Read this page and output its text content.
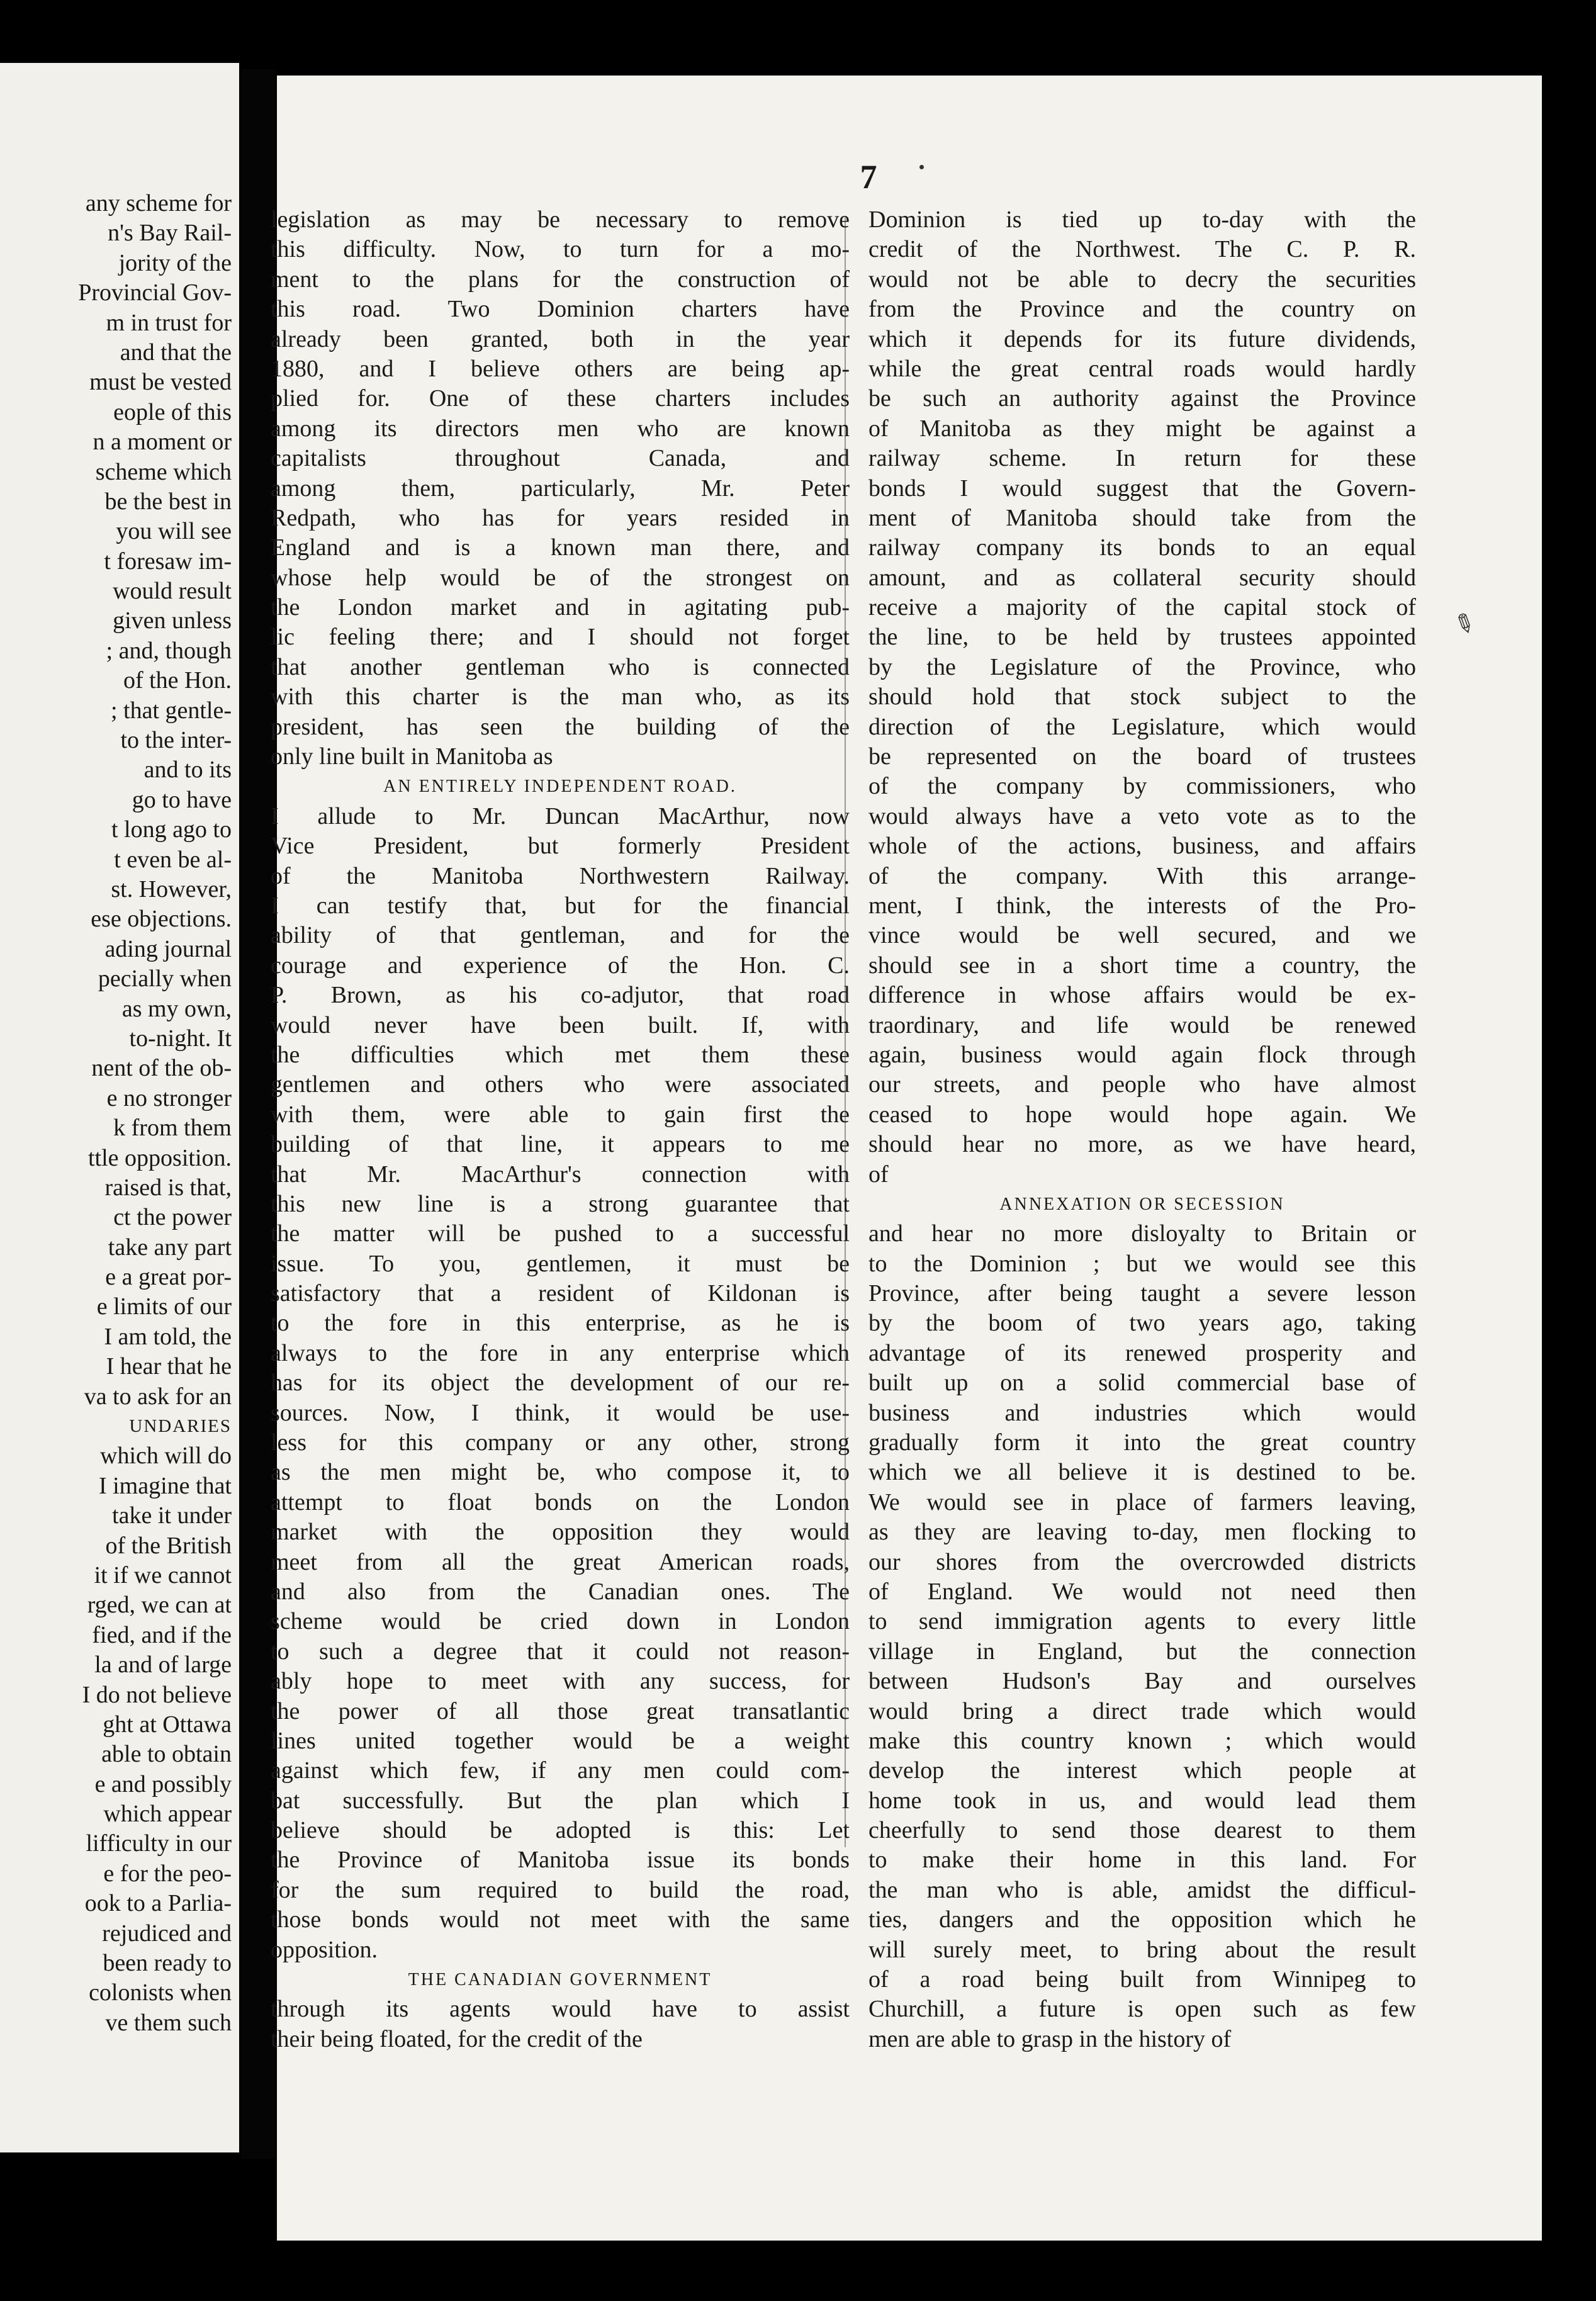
any scheme for
n's Bay Rail-
jority of the
Provincial Gov-
m in trust for
and that the
must be vested
eople of this
n a moment or
scheme which
be the best in
you will see
t foresaw im-
would result
given unless
; and, though
of the Hon.
; that gentle-
to the inter-
and to its
go to have
t long ago to
t even be al-
st. However,
ese objections.
ading journal
pecially when
as my own,
to-night. It
nent of the ob-
e no stronger
k from them
ttle opposition.
raised is that,
ct the power
take any part
e a great por-
e limits of our
I am told, the
I hear that he
va to ask for an
UNDARIES
which will do
I imagine that
take it under
of the British
it if we cannot
rged, we can at
fied, and if the
la and of large
I do not believe
ght at Ottawa
able to obtain
e and possibly
which appear
lifficulty in our
e for the peo-
ook to a Parlia-
rejudiced and
been ready to
colonists when
ve them such
7
✎
legislation as may be necessary to remove
this difficulty. Now, to turn for a mo-
ment to the plans for the construction of
this road. Two Dominion charters have
already been granted, both in the year
1880, and I believe others are being ap-
plied for. One of these charters includes
among its directors men who are known
capitalists throughout Canada, and
among them, particularly, Mr. Peter
Redpath, who has for years resided in
England and is a known man there, and
whose help would be of the strongest on
the London market and in agitating pub-
lic feeling there; and I should not forget
that another gentleman who is connected
with this charter is the man who, as its
president, has seen the building of the
only line built in Manitoba as
AN ENTIRELY INDEPENDENT ROAD.
I allude to Mr. Duncan MacArthur, now
Vice President, but formerly President
of the Manitoba Northwestern Railway.
I can testify that, but for the financial
ability of that gentleman, and for the
courage and experience of the Hon. C.
P. Brown, as his co-adjutor, that road
would never have been built. If, with
the difficulties which met them these
gentlemen and others who were associated
with them, were able to gain first the
building of that line, it appears to me
that Mr. MacArthur's connection with
this new line is a strong guarantee that
the matter will be pushed to a successful
issue. To you, gentlemen, it must be
satisfactory that a resident of Kildonan is
to the fore in this enterprise, as he is
always to the fore in any enterprise which
has for its object the development of our re-
sources. Now, I think, it would be use-
less for this company or any other, strong
as the men might be, who compose it, to
attempt to float bonds on the London
market with the opposition they would
meet from all the great American roads,
and also from the Canadian ones. The
scheme would be cried down in London
to such a degree that it could not reason-
ably hope to meet with any success, for
the power of all those great transatlantic
lines united together would be a weight
against which few, if any men could com-
bat successfully. But the plan which I
believe should be adopted is this: Let
the Province of Manitoba issue its bonds
for the sum required to build the road,
those bonds would not meet with the same
opposition.
THE CANADIAN GOVERNMENT
through its agents would have to assist
their being floated, for the credit of the
Dominion is tied up to-day with the
credit of the Northwest. The C. P. R.
would not be able to decry the securities
from the Province and the country on
which it depends for its future dividends,
while the great central roads would hardly
be such an authority against the Province
of Manitoba as they might be against a
railway scheme. In return for these
bonds I would suggest that the Govern-
ment of Manitoba should take from the
railway company its bonds to an equal
amount, and as collateral security should
receive a majority of the capital stock of
the line, to be held by trustees appointed
by the Legislature of the Province, who
should hold that stock subject to the
direction of the Legislature, which would
be represented on the board of trustees
of the company by commissioners, who
would always have a veto vote as to the
whole of the actions, business, and affairs
of the company. With this arrange-
ment, I think, the interests of the Pro-
vince would be well secured, and we
should see in a short time a country, the
difference in whose affairs would be ex-
traordinary, and life would be renewed
again, business would again flock through
our streets, and people who have almost
ceased to hope would hope again. We
should hear no more, as we have heard,
of
ANNEXATION OR SECESSION
and hear no more disloyalty to Britain or
to the Dominion ; but we would see this
Province, after being taught a severe lesson
by the boom of two years ago, taking
advantage of its renewed prosperity and
built up on a solid commercial base of
business and industries which would
gradually form it into the great country
which we all believe it is destined to be.
We would see in place of farmers leaving,
as they are leaving to-day, men flocking to
our shores from the overcrowded districts
of England. We would not need then
to send immigration agents to every little
village in England, but the connection
between Hudson's Bay and ourselves
would bring a direct trade which would
make this country known ; which would
develop the interest which people at
home took in us, and would lead them
cheerfully to send those dearest to them
to make their home in this land. For
the man who is able, amidst the difficul-
ties, dangers and the opposition which he
will surely meet, to bring about the result
of a road being built from Winnipeg to
Churchill, a future is open such as few
men are able to grasp in the history of
